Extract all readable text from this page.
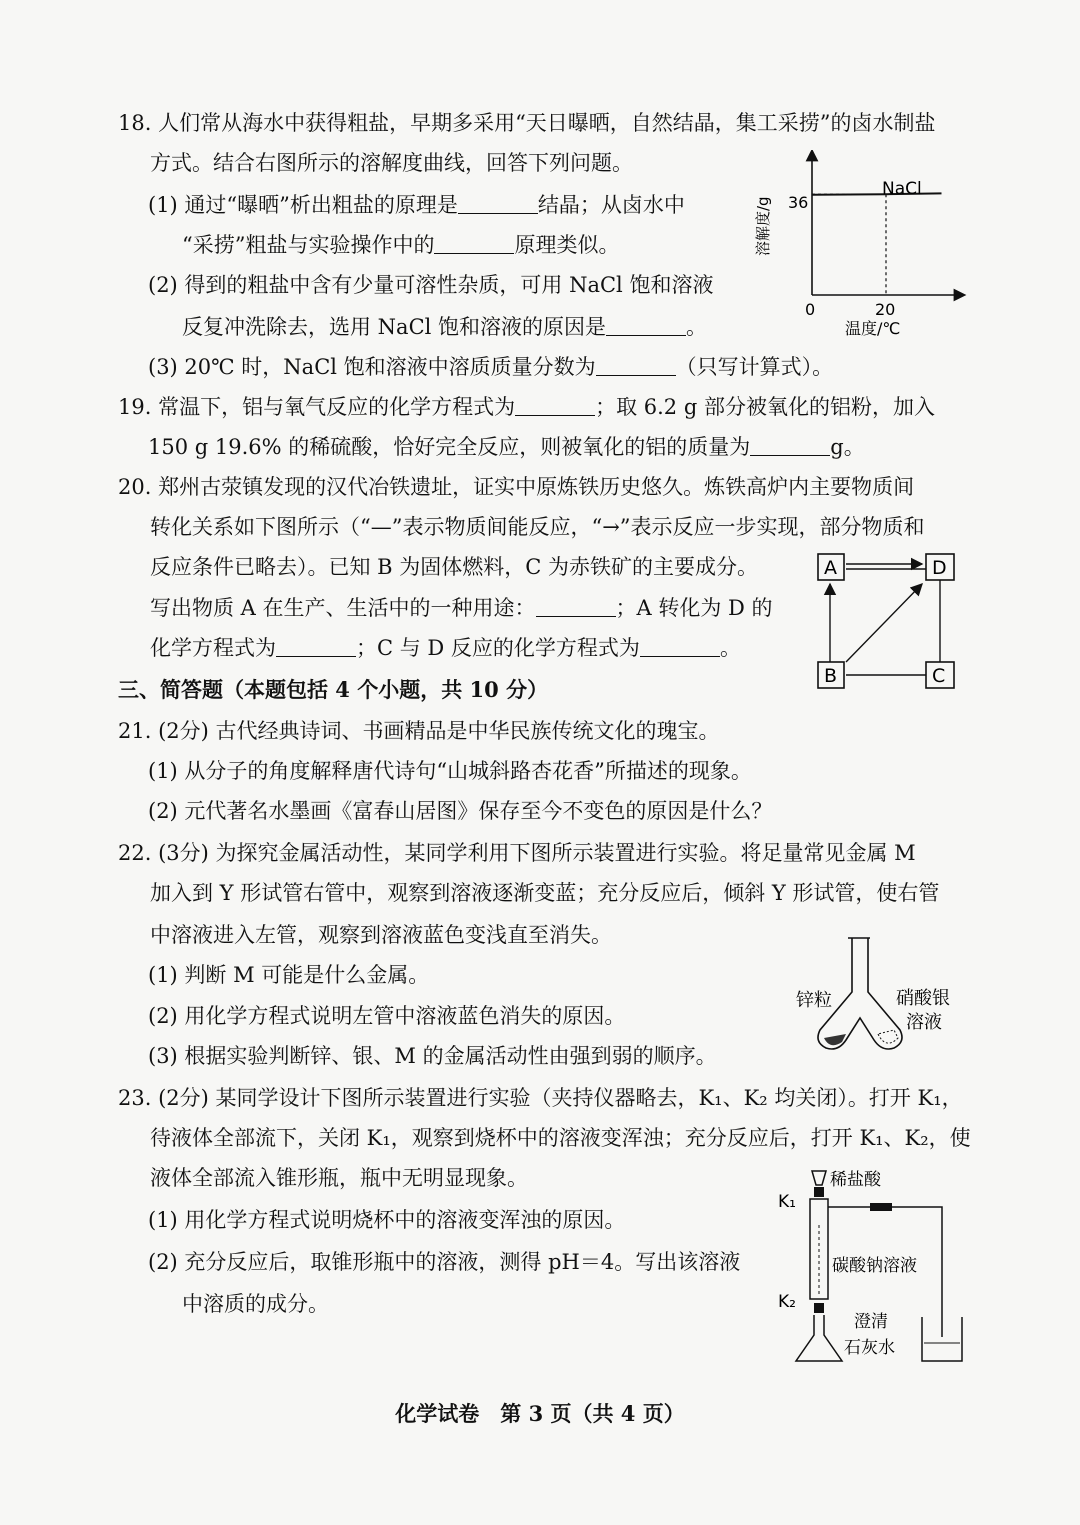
18. 人们常从海水中获得粗盐，早期多采用“天日曝晒，自然结晶，集工采捞”的卤水制盐
方式。结合右图所示的溶解度曲线，回答下列问题。
(1) 通过“曝晒”析出粗盐的原理是	结晶；从卤水中
“采捞”粗盐与实验操作中的	原理类似。
(2) 得到的粗盐中含有少量可溶性杂质，可用 NaCl 饱和溶液
反复冲洗除去，选用 NaCl 饱和溶液的原因是	。
(3) 20℃ 时，NaCl 饱和溶液中溶质质量分数为	（只写计算式）。
NaCl
36
0	20
温度/℃
溶解度/g
19. 常温下，铝与氧气反应的化学方程式为	；取 6.2 g 部分被氧化的铝粉，加入
150 g 19.6% 的稀硫酸，恰好完全反应，则被氧化的铝的质量为	g。
20. 郑州古荥镇发现的汉代冶铁遗址，证实中原炼铁历史悠久。炼铁高炉内主要物质间
转化关系如下图所示（“—”表示物质间能反应，“→”表示反应一步实现，部分物质和
反应条件已略去）。已知 B 为固体燃料，C 为赤铁矿的主要成分。
写出物质 A 在生产、生活中的一种用途：	；A 转化为 D 的
化学方程式为	；C 与 D 反应的化学方程式为	。
A	D
B	C
三、简答题（本题包括 4 个小题，共 10 分）
21. (2分) 古代经典诗词、书画精品是中华民族传统文化的瑰宝。
(1) 从分子的角度解释唐代诗句“山城斜路杏花香”所描述的现象。
(2) 元代著名水墨画《富春山居图》保存至今不变色的原因是什么？
22. (3分) 为探究金属活动性，某同学利用下图所示装置进行实验。将足量常见金属 M
加入到 Y 形试管右管中，观察到溶液逐渐变蓝；充分反应后，倾斜 Y 形试管，使右管
中溶液进入左管，观察到溶液蓝色变浅直至消失。
(1) 判断 M 可能是什么金属。
(2) 用化学方程式说明左管中溶液蓝色消失的原因。
(3) 根据实验判断锌、银、M 的金属活动性由强到弱的顺序。
锌粒	硝酸银
溶液
23. (2分) 某同学设计下图所示装置进行实验（夹持仪器略去，K₁、K₂ 均关闭）。打开 K₁，
待液体全部流下，关闭 K₁，观察到烧杯中的溶液变浑浊；充分反应后，打开 K₁、K₂，使
液体全部流入锥形瓶，瓶中无明显现象。
(1) 用化学方程式说明烧杯中的溶液变浑浊的原因。
(2) 充分反应后，取锥形瓶中的溶液，测得 pH＝4。写出该溶液
中溶质的成分。
稀盐酸
K₁
碳酸钠溶液
K₂
澄清
石灰水
化学试卷　第 3 页（共 4 页）
